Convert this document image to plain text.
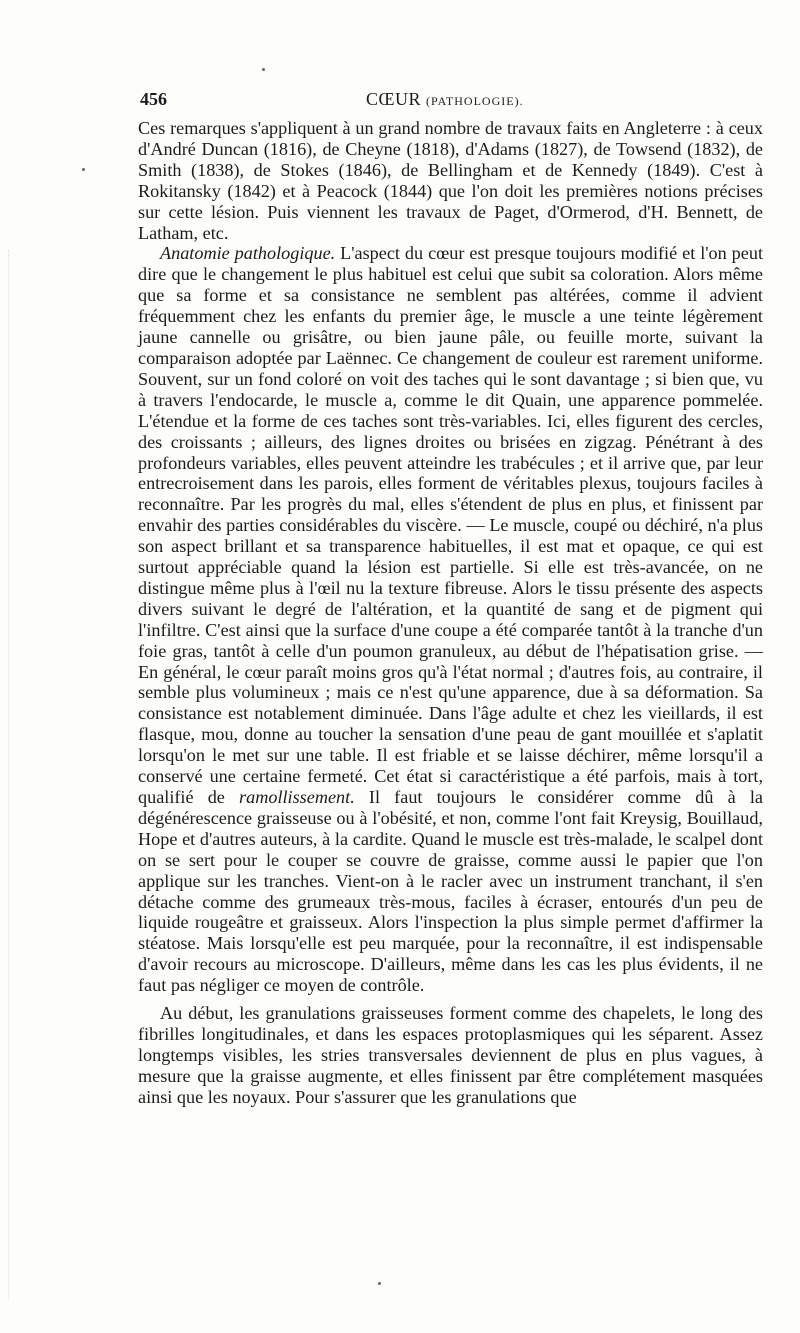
456	CŒUR (PATHOLOGIE).

Ces remarques s'appliquent à un grand nombre de travaux faits en Angleterre : à ceux d'André Duncan (1816), de Cheyne (1818), d'Adams (1827), de Towsend (1832), de Smith (1838), de Stokes (1846), de Bellingham et de Kennedy (1849). C'est à Rokitansky (1842) et à Peacock (1844) que l'on doit les premières notions précises sur cette lésion. Puis viennent les travaux de Paget, d'Ormerod, d'H. Bennett, de Latham, etc.

Anatomie pathologique. L'aspect du cœur est presque toujours modifié et l'on peut dire que le changement le plus habituel est celui que subit sa coloration. Alors même que sa forme et sa consistance ne semblent pas altérées, comme il advient fréquemment chez les enfants du premier âge, le muscle a une teinte légèrement jaune cannelle ou grisâtre, ou bien jaune pâle, ou feuille morte, suivant la comparaison adoptée par Laënnec. Ce changement de couleur est rarement uniforme. Souvent, sur un fond coloré on voit des taches qui le sont davantage ; si bien que, vu à travers l'endocarde, le muscle a, comme le dit Quain, une apparence pommelée. L'étendue et la forme de ces taches sont très-variables. Ici, elles figurent des cercles, des croissants ; ailleurs, des lignes droites ou brisées en zigzag. Pénétrant à des profondeurs variables, elles peuvent atteindre les trabécules ; et il arrive que, par leur entrecroisement dans les parois, elles forment de véritables plexus, toujours faciles à reconnaître. Par les progrès du mal, elles s'étendent de plus en plus, et finissent par envahir des parties considérables du viscère. — Le muscle, coupé ou déchiré, n'a plus son aspect brillant et sa transparence habituelles, il est mat et opaque, ce qui est surtout appréciable quand la lésion est partielle. Si elle est très-avancée, on ne distingue même plus à l'œil nu la texture fibreuse. Alors le tissu présente des aspects divers suivant le degré de l'altération, et la quantité de sang et de pigment qui l'infiltre. C'est ainsi que la surface d'une coupe a été comparée tantôt à la tranche d'un foie gras, tantôt à celle d'un poumon granuleux, au début de l'hépatisation grise. — En général, le cœur paraît moins gros qu'à l'état normal ; d'autres fois, au contraire, il semble plus volumineux ; mais ce n'est qu'une apparence, due à sa déformation. Sa consistance est notablement diminuée. Dans l'âge adulte et chez les vieillards, il est flasque, mou, donne au toucher la sensation d'une peau de gant mouillée et s'aplatit lorsqu'on le met sur une table. Il est friable et se laisse déchirer, même lorsqu'il a conservé une certaine fermeté. Cet état si caractéristique a été parfois, mais à tort, qualifié de ramollissement. Il faut toujours le considérer comme dû à la dégénérescence graisseuse ou à l'obésité, et non, comme l'ont fait Kreysig, Bouillaud, Hope et d'autres auteurs, à la cardite. Quand le muscle est très-malade, le scalpel dont on se sert pour le couper se couvre de graisse, comme aussi le papier que l'on applique sur les tranches. Vient-on à le racler avec un instrument tranchant, il s'en détache comme des grumeaux très-mous, faciles à écraser, entourés d'un peu de liquide rougeâtre et graisseux. Alors l'inspection la plus simple permet d'affirmer la stéatose. Mais lorsqu'elle est peu marquée, pour la reconnaître, il est indispensable d'avoir recours au microscope. D'ailleurs, même dans les cas les plus évidents, il ne faut pas négliger ce moyen de contrôle.

Au début, les granulations graisseuses forment comme des chapelets, le long des fibrilles longitudinales, et dans les espaces protoplasmiques qui les séparent. Assez longtemps visibles, les stries transversales deviennent de plus en plus vagues, à mesure que la graisse augmente, et elles finissent par être complétement masquées ainsi que les noyaux. Pour s'assurer que les granulations que
